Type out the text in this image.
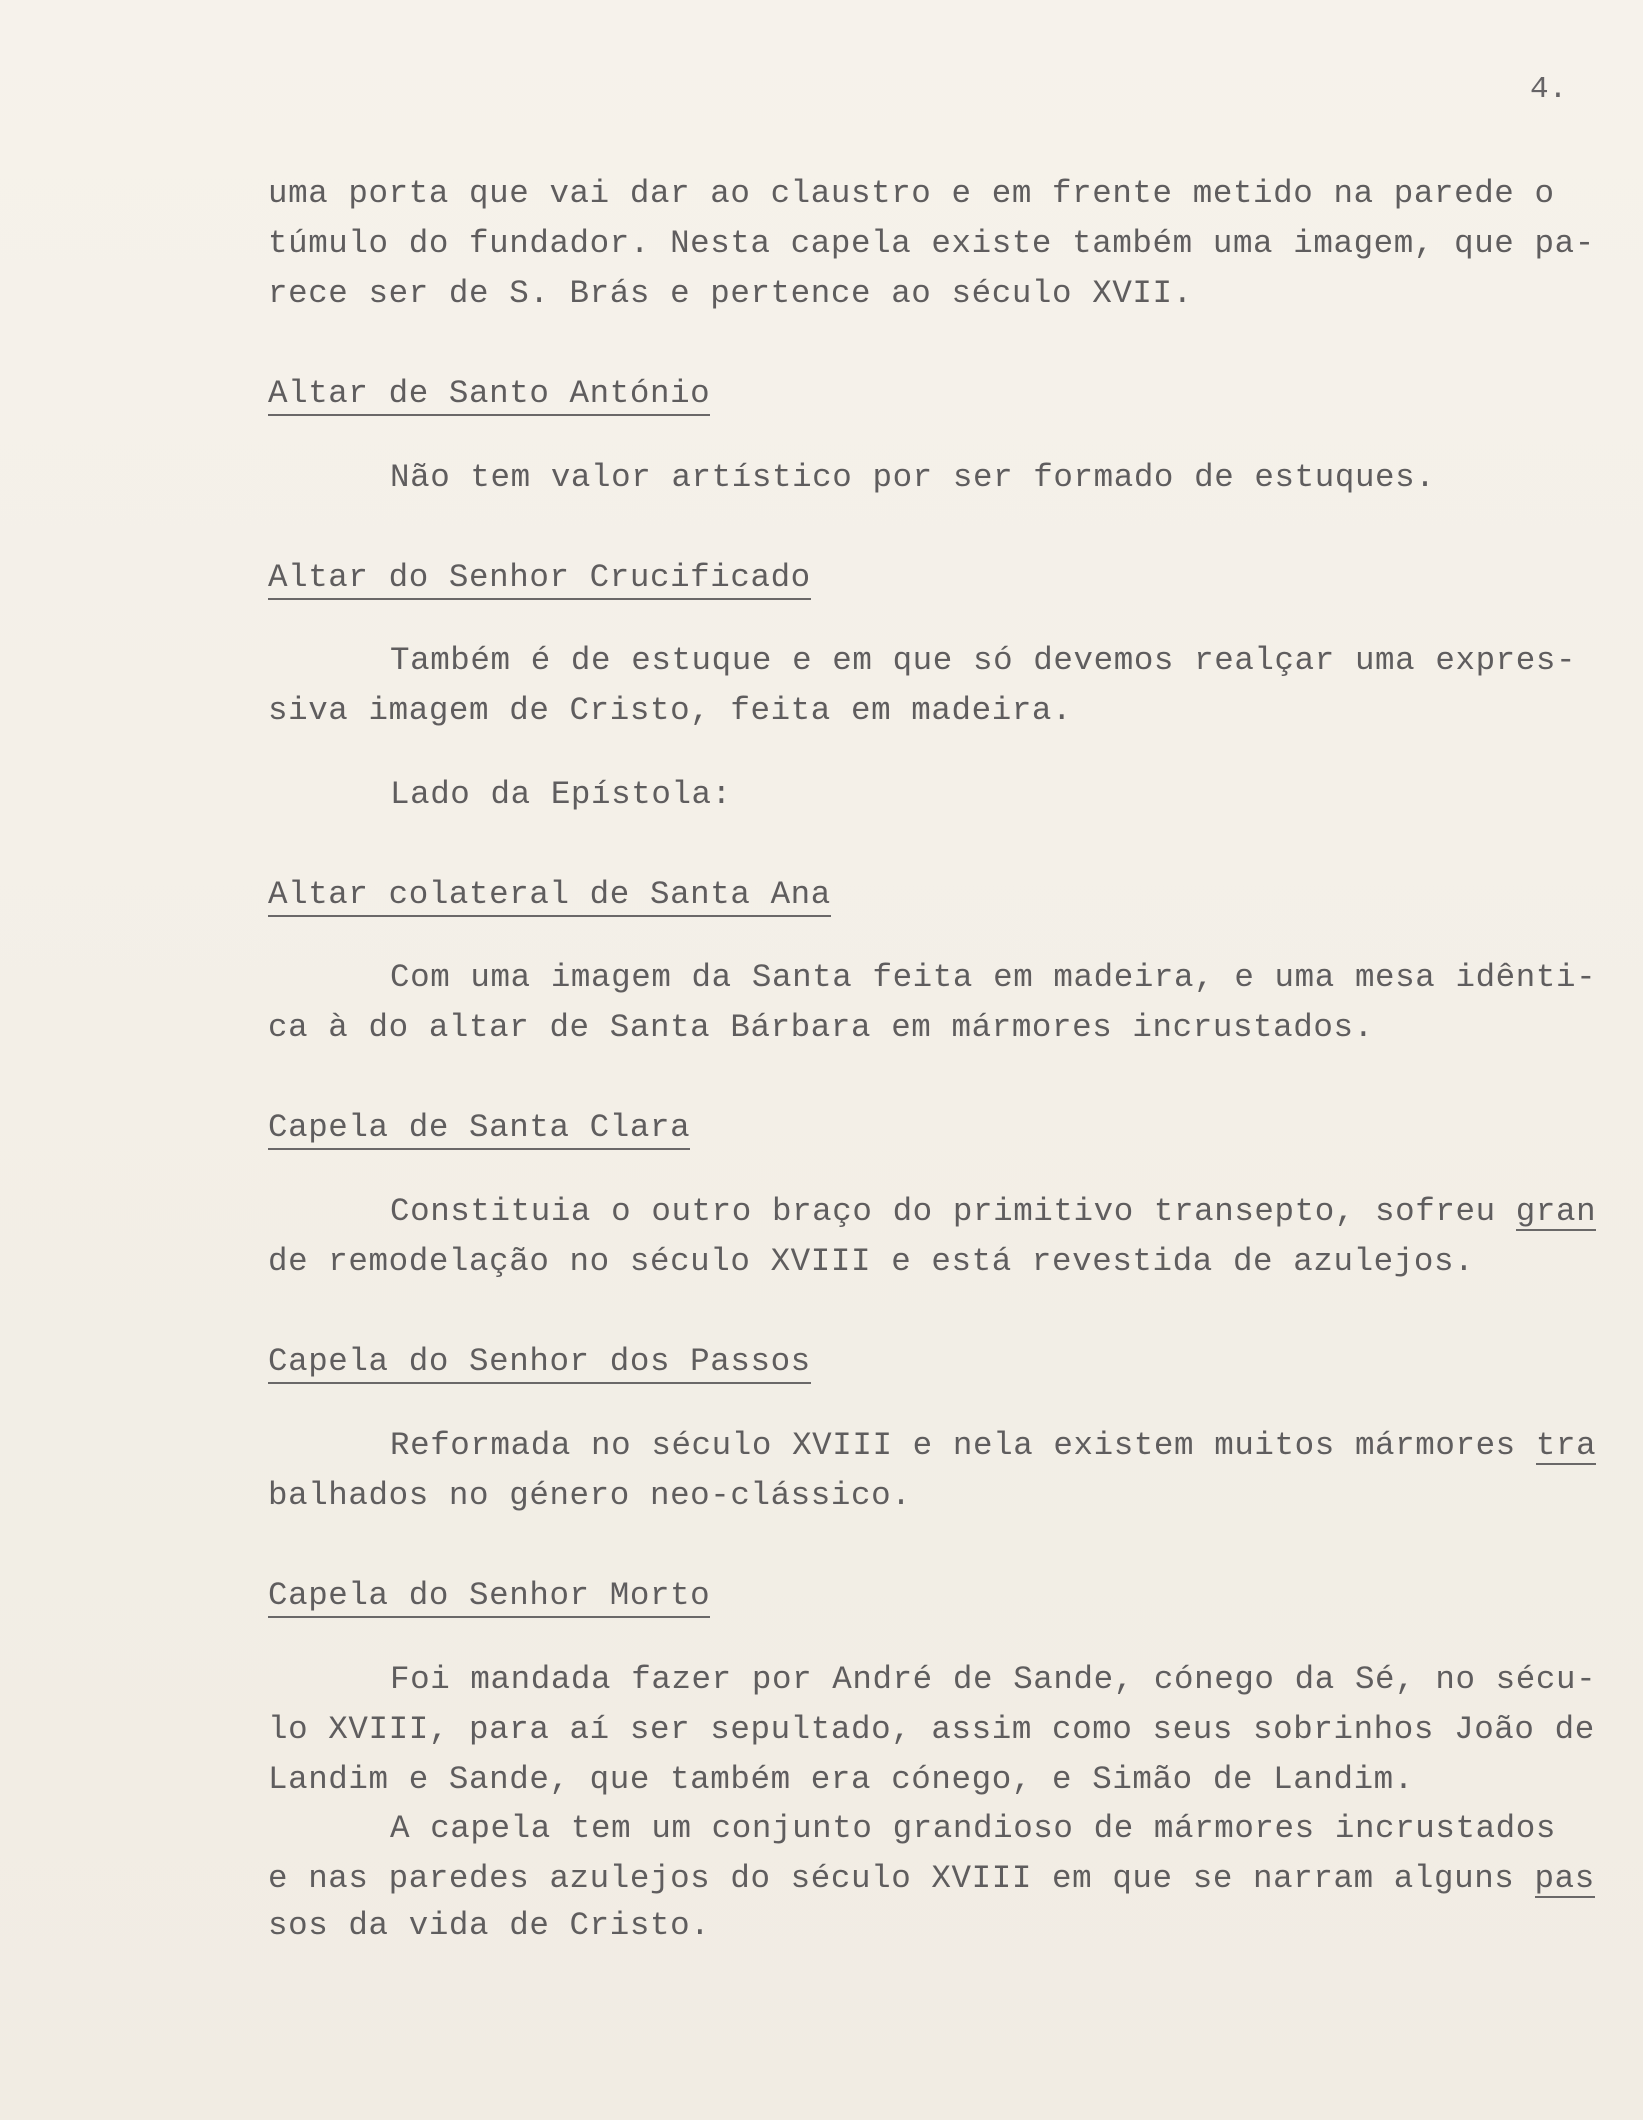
4.
uma porta que vai dar ao claustro e em frente metido na parede o
túmulo do fundador. Nesta capela existe também uma imagem, que pa-
rece ser de S. Brás e pertence ao século XVII.
Altar de Santo António
Não tem valor artístico por ser formado de estuques.
Altar do Senhor Crucificado
Também é de estuque e em que só devemos realçar uma expres-
siva imagem de Cristo, feita em madeira.
Lado da Epístola:
Altar colateral de Santa Ana
Com uma imagem da Santa feita em madeira, e uma mesa idênti-
ca à do altar de Santa Bárbara em mármores incrustados.
Capela de Santa Clara
Constituia o outro braço do primitivo transepto, sofreu gran
de remodelação no século XVIII e está revestida de azulejos.
Capela do Senhor dos Passos
Reformada no século XVIII e nela existem muitos mármores tra
balhados no género neo-clássico.
Capela do Senhor Morto
Foi mandada fazer por André de Sande, cónego da Sé, no sécu-
lo XVIII, para aí ser sepultado, assim como seus sobrinhos João de
Landim e Sande, que também era cónego, e Simão de Landim.
A capela tem um conjunto grandioso de mármores incrustados
e nas paredes azulejos do século XVIII em que se narram alguns pas
sos da vida de Cristo.
